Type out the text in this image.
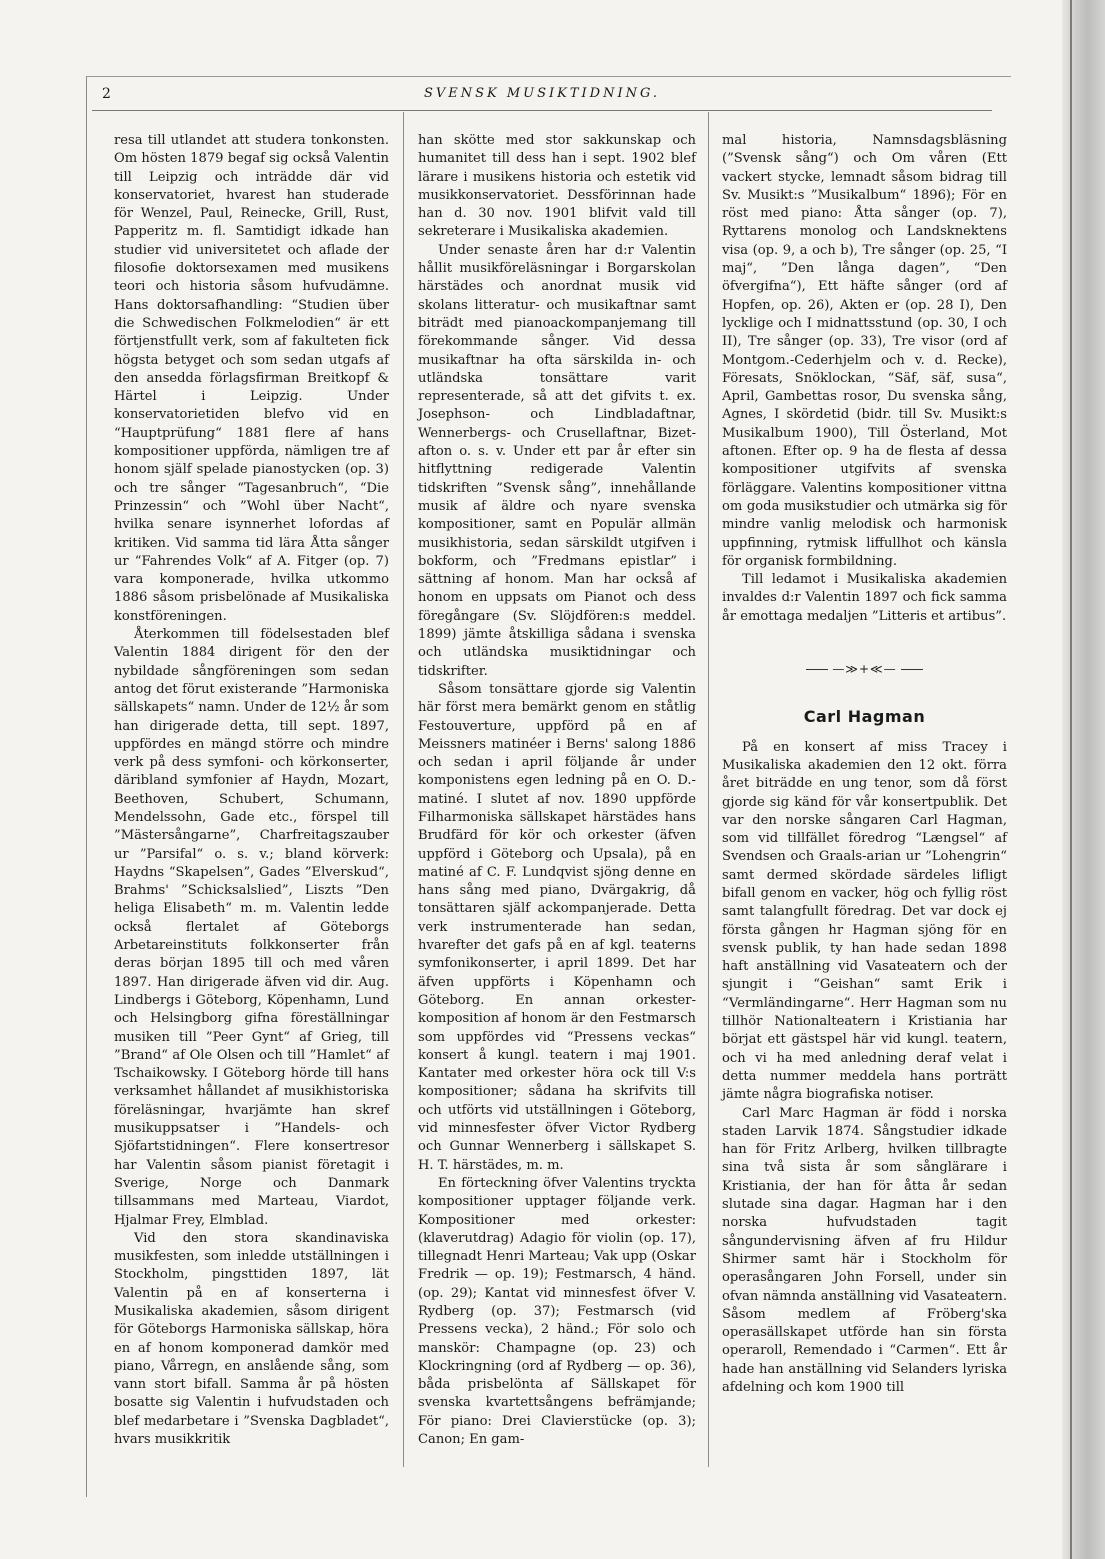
2	SVENSK MUSIKTIDNING.

resa till utlandet att studera tonkonsten. Om hösten 1879 begaf sig också Valentin till Leipzig och inträdde där vid konservatoriet, hvarest han studerade för Wenzel, Paul, Reinecke, Grill, Rust, Papperitz m. fl. Samtidigt idkade han studier vid universitetet och aflade der filosofie doktorsexamen med musikens teori och historia såsom hufvudämne. Hans doktorsafhandling: “Studien über die Schwedischen Folkmelodien“ är ett förtjenstfullt verk, som af fakulteten fick högsta betyget och som sedan utgafs af den ansedda förlagsfirman Breitkopf & Härtel i Leipzig. Under konservatorietiden blefvo vid en “Hauptprüfung“ 1881 flere af hans kompositioner uppförda, nämligen tre af honom själf spelade pianostycken (op. 3) och tre sånger “Tagesanbruch“, “Die Prinzessin“ och ”Wohl über Nacht“, hvilka senare isynnerhet lofordas af kritiken. Vid samma tid lära Åtta sånger ur “Fahrendes Volk“ af A. Fitger (op. 7) vara komponerade, hvilka utkommo 1886 såsom prisbelönade af Musikaliska konstföreningen.

Återkommen till födelsestaden blef Valentin 1884 dirigent för den der nybildade sångföreningen som sedan antog det förut existerande ”Harmoniska sällskapets“ namn. Under de 12½ år som han dirigerade detta, till sept. 1897, uppfördes en mängd större och mindre verk på dess symfoni- och körkonserter, däribland symfonier af Haydn, Mozart, Beethoven, Schubert, Schumann, Mendelssohn, Gade etc., förspel till ”Mästersångarne”, Charfreitagszauber ur ”Parsifal“ o. s. v.; bland körverk: Haydns “Skapelsen”, Gades ”Elverskud“, Brahms' ”Schicksalslied”, Liszts ”Den heliga Elisabeth“ m. m. Valentin ledde också flertalet af Göteborgs Arbetareinstituts folkkonserter från deras början 1895 till och med våren 1897. Han dirigerade äfven vid dir. Aug. Lindbergs i Göteborg, Köpenhamn, Lund och Helsingborg gifna föreställningar musiken till ”Peer Gynt“ af Grieg, till ”Brand“ af Ole Olsen och till ”Hamlet“ af Tschaikowsky. I Göteborg hörde till hans verksamhet hållandet af musikhistoriska föreläsningar, hvarjämte han skref musikuppsatser i ”Handels- och Sjöfartstidningen“. Flere konsertresor har Valentin såsom pianist företagit i Sverige, Norge och Danmark tillsammans med Marteau, Viardot, Hjalmar Frey, Elmblad.

Vid den stora skandinaviska musikfesten, som inledde utställningen i Stockholm, pingsttiden 1897, lät Valentin på en af konserterna i Musikaliska akademien, såsom dirigent för Göteborgs Harmoniska sällskap, höra en af honom komponerad damkör med piano, Vårregn, en anslående sång, som vann stort bifall. Samma år på hösten bosatte sig Valentin i hufvudstaden och blef medarbetare i ”Svenska Dagbladet“, hvars musikkritik

han skötte med stor sakkunskap och humanitet till dess han i sept. 1902 blef lärare i musikens historia och estetik vid musikkonservatoriet. Dessförinnan hade han d. 30 nov. 1901 blifvit vald till sekreterare i Musikaliska akademien.

Under senaste åren har d:r Valentin hållit musikföreläsningar i Borgarskolan härstädes och anordnat musik vid skolans litteratur- och musikaftnar samt biträdt med pianoackompanjemang till förekommande sånger. Vid dessa musikaftnar ha ofta särskilda in- och utländska tonsättare varit representerade, så att det gifvits t. ex. Josephson- och Lindbladaftnar, Wennerbergs- och Crusellaftnar, Bizet-afton o. s. v. Under ett par år efter sin hitflyttning redigerade Valentin tidskriften ”Svensk sång”, innehållande musik af äldre och nyare svenska kompositioner, samt en Populär allmän musikhistoria, sedan särskildt utgifven i bokform, och ”Fredmans epistlar” i sättning af honom. Man har också af honom en uppsats om Pianot och dess föregångare (Sv. Slöjdfören:s meddel. 1899) jämte åtskilliga sådana i svenska och utländska musiktidningar och tidskrifter.

Såsom tonsättare gjorde sig Valentin här först mera bemärkt genom en ståtlig Festouverture, uppförd på en af Meissners matinéer i Berns' salong 1886 och sedan i april följande år under komponistens egen ledning på en O. D.-matiné. I slutet af nov. 1890 uppförde Filharmoniska sällskapet härstädes hans Brudfärd för kör och orkester (äfven uppförd i Göteborg och Upsala), på en matiné af C. F. Lundqvist sjöng denne en hans sång med piano, Dvärgakrig, då tonsättaren själf ackompanjerade. Detta verk instrumenterade han sedan, hvarefter det gafs på en af kgl. teaterns symfonikonserter, i april 1899. Det har äfven uppförts i Köpenhamn och Göteborg. En annan orkester-komposition af honom är den Festmarsch som uppfördes vid “Pressens veckas“ konsert å kungl. teatern i maj 1901. Kantater med orkester höra ock till V:s kompositioner; sådana ha skrifvits till och utförts vid utställningen i Göteborg, vid minnesfester öfver Victor Rydberg och Gunnar Wennerberg i sällskapet S. H. T. härstädes, m. m.

En förteckning öfver Valentins tryckta kompositioner upptager följande verk. Kompositioner med orkester: (klaverutdrag) Adagio för violin (op. 17), tillegnadt Henri Marteau; Vak upp (Oskar Fredrik — op. 19); Festmarsch, 4 händ. (op. 29); Kantat vid minnesfest öfver V. Rydberg (op. 37); Festmarsch (vid Pressens vecka), 2 händ.; För solo och manskör: Champagne (op. 23) och Klockringning (ord af Rydberg — op. 36), båda prisbelönta af Sällskapet för svenska kvartettsångens befrämjande; För piano: Drei Clavierstücke (op. 3); Canon; En gam-

mal historia, Namnsdagsbläsning (”Svensk sång“) och Om våren (Ett vackert stycke, lemnadt såsom bidrag till Sv. Musikt:s ”Musikalbum“ 1896); För en röst med piano: Åtta sånger (op. 7), Ryttarens monolog och Landsknektens visa (op. 9, a och b), Tre sånger (op. 25, “I maj“, ”Den långa dagen”, “Den öfvergifna“), Ett häfte sånger (ord af Hopfen, op. 26), Akten er (op. 28 I), Den lycklige och I midnattsstund (op. 30, I och II), Tre sånger (op. 33), Tre visor (ord af Montgom.-Cederhjelm och v. d. Recke), Föresats, Snöklockan, “Säf, säf, susa“, April, Gambettas rosor, Du svenska sång, Agnes, I skördetid (bidr. till Sv. Musikt:s Musikalbum 1900), Till Österland, Mot aftonen. Efter op. 9 ha de flesta af dessa kompositioner utgifvits af svenska förläggare. Valentins kompositioner vittna om goda musikstudier och utmärka sig för mindre vanlig melodisk och harmonisk uppfinning, rytmisk liffullhot och känsla för organisk formbildning.

Till ledamot i Musikaliska akademien invaldes d:r Valentin 1897 och fick samma år emottaga medaljen ”Litteris et artibus”.

—≫+≪—
Carl Hagman

På en konsert af miss Tracey i Musikaliska akademien den 12 okt. förra året biträdde en ung tenor, som då först gjorde sig känd för vår konsertpublik. Det var den norske sångaren Carl Hagman, som vid tillfället föredrog “Længsel“ af Svendsen och Graals-arian ur ”Lohengrin“ samt dermed skördade särdeles lifligt bifall genom en vacker, hög och fyllig röst samt talangfullt föredrag. Det var dock ej första gången hr Hagman sjöng för en svensk publik, ty han hade sedan 1898 haft anställning vid Vasateatern och der sjungit i “Geishan“ samt Erik i “Vermländingarne“. Herr Hagman som nu tillhör Nationalteatern i Kristiania har börjat ett gästspel här vid kungl. teatern, och vi ha med anledning deraf velat i detta nummer meddela hans porträtt jämte några biografiska notiser.

Carl Marc Hagman är född i norska staden Larvik 1874. Sångstudier idkade han för Fritz Arlberg, hvilken tillbragte sina två sista år som sånglärare i Kristiania, der han för åtta år sedan slutade sina dagar. Hagman har i den norska hufvudstaden tagit sångundervisning äfven af fru Hildur Shirmer samt här i Stockholm för operasångaren John Forsell, under sin ofvan nämnda anställning vid Vasateatern. Såsom medlem af Fröberg'ska operasällskapet utförde han sin första operaroll, Remendado i “Carmen“. Ett år hade han anställning vid Selanders lyriska afdelning och kom 1900 till
